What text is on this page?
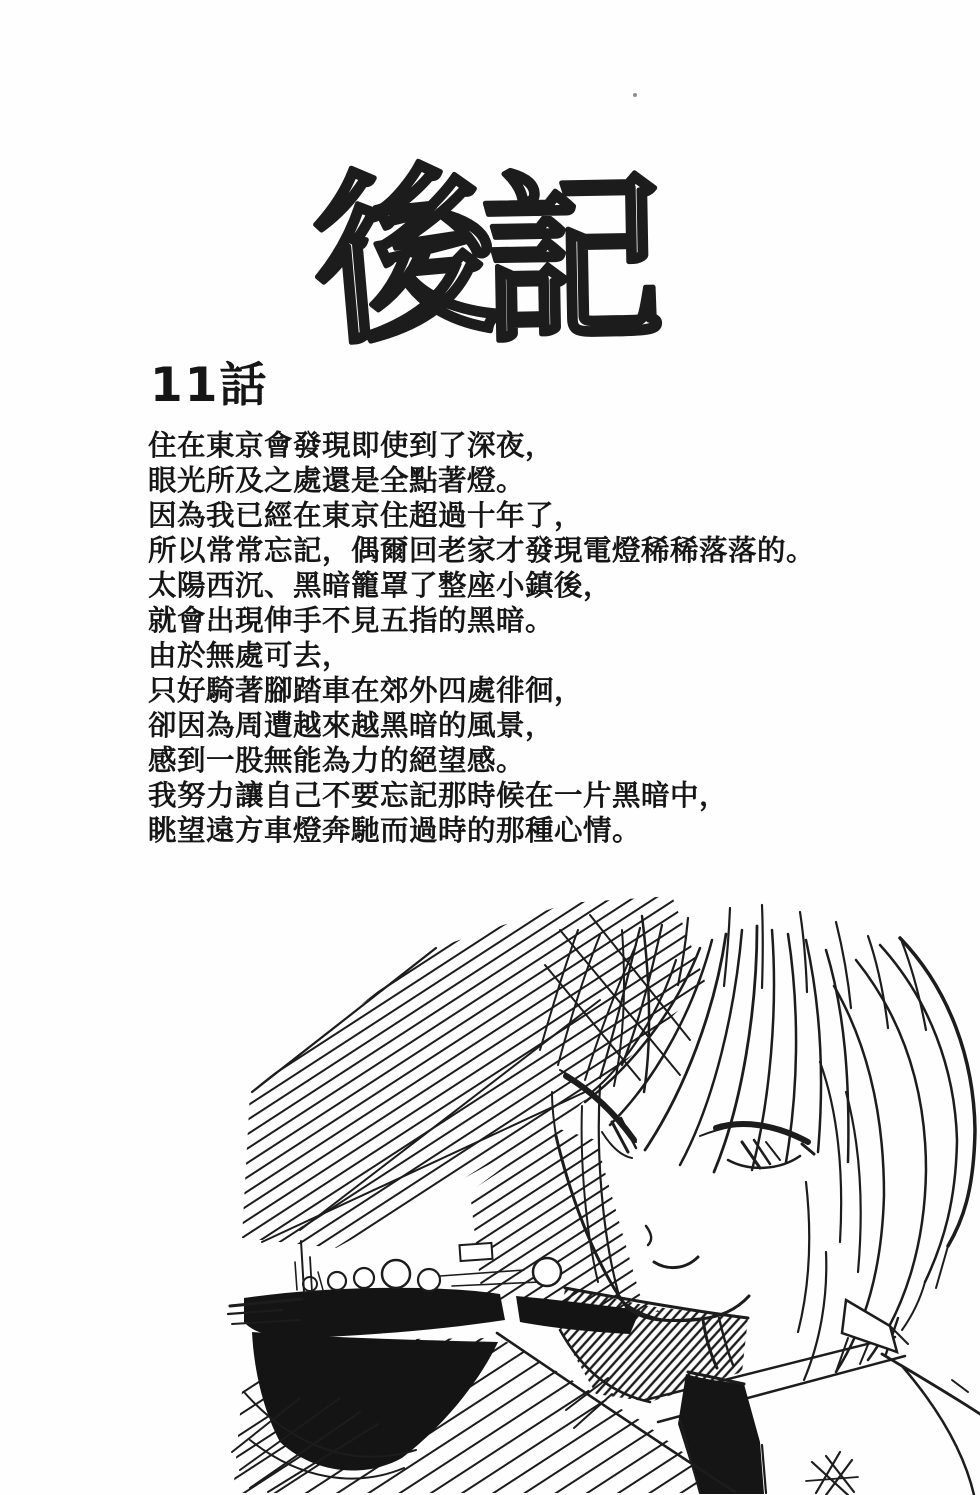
後
記
11話
住在東京會發現即使到了深夜，
眼光所及之處還是全點著燈。
因為我已經在東京住超過十年了，
所以常常忘記，偶爾回老家才發現電燈稀稀落落的。
太陽西沉、黑暗籠罩了整座小鎮後，
就會出現伸手不見五指的黑暗。
由於無處可去，
只好騎著腳踏車在郊外四處徘徊，
卻因為周遭越來越黑暗的風景，
感到一股無能為力的絕望感。
我努力讓自己不要忘記那時候在一片黑暗中，
眺望遠方車燈奔馳而過時的那種心情。
